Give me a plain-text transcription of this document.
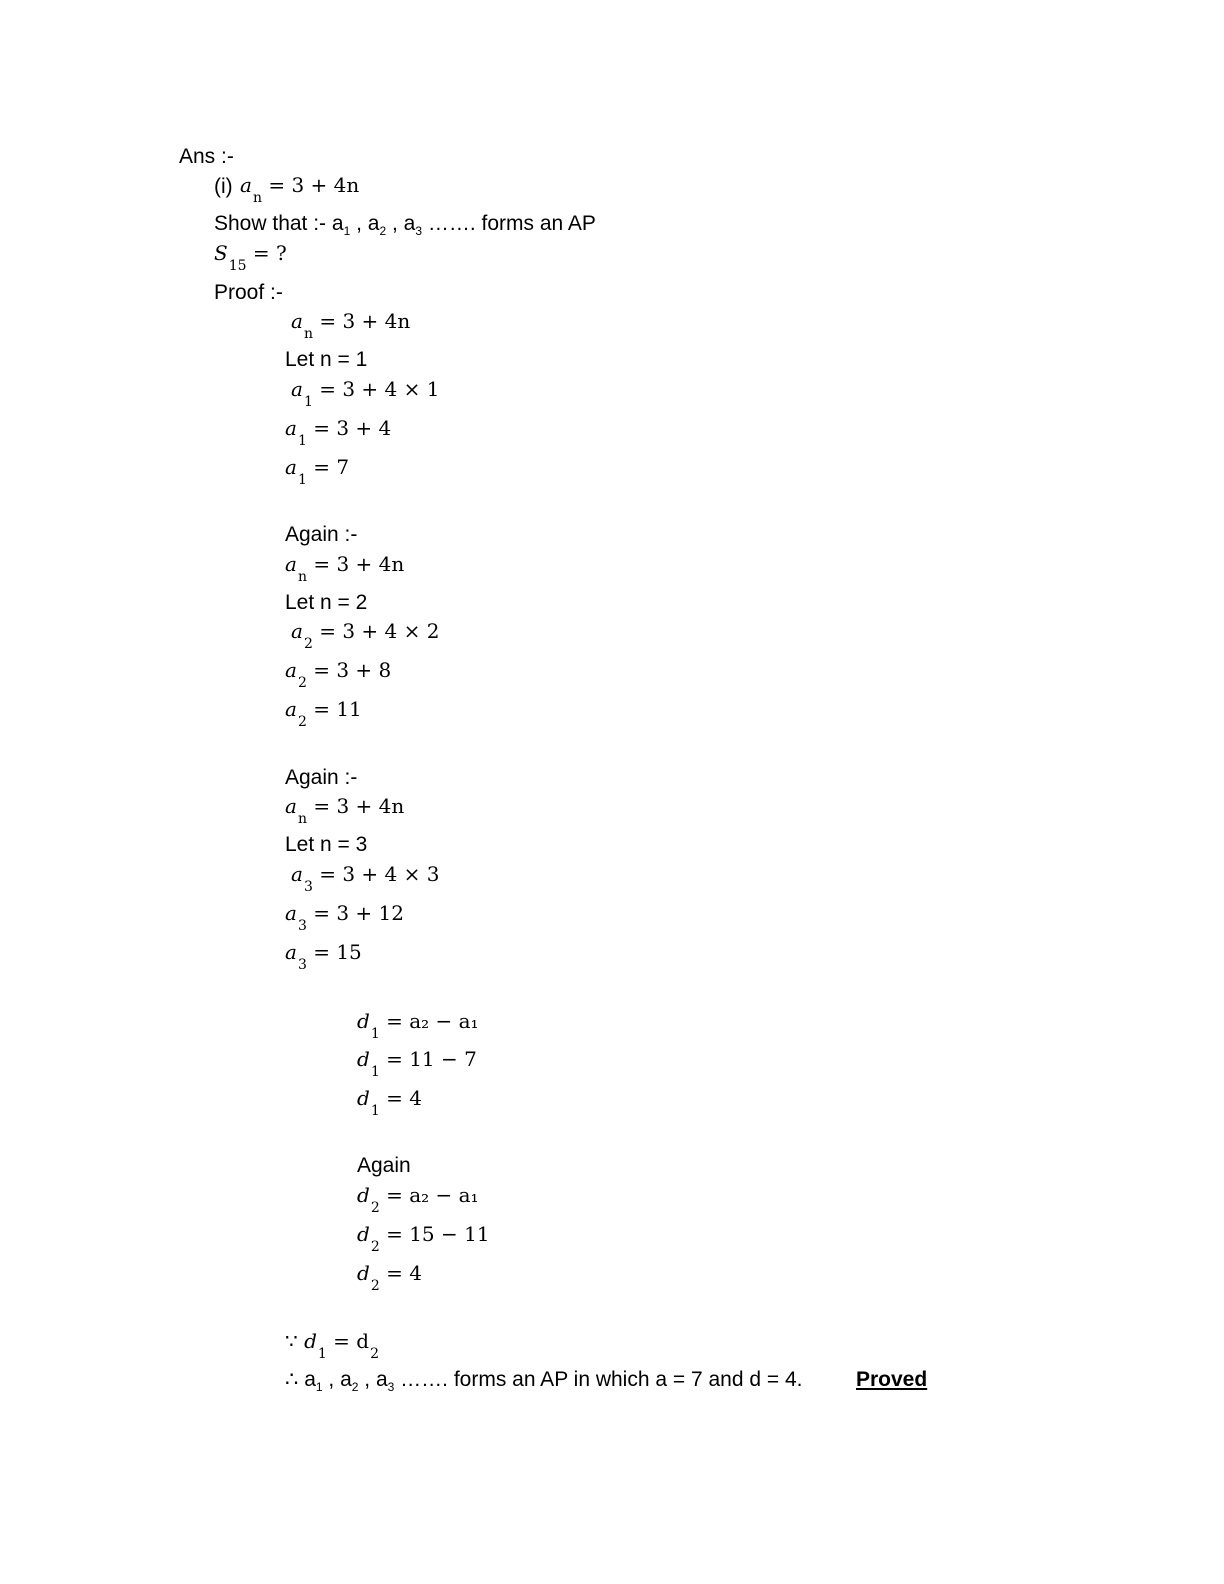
Ans :-
(i) $a_n = 3 + 4n$
Show that :- $a_1$ , $a_2$ , $a_3$ ……. forms an AP
$S_{15}$ = ?
Proof :-
$a_n = 3 + 4n$
Let n = 1
$a_1 = 3 + 4 \times 1$
$a_1 = 3 + 4$
$a_1 = 7$
Again :-
$a_n = 3 + 4n$
Let n = 2
$a_2 = 3 + 4 \times 2$
$a_2 = 3 + 8$
$a_2 = 11$
Again :-
$a_n = 3 + 4n$
Let n = 3
$a_3 = 3 + 4 \times 3$
$a_3 = 3 + 12$
$a_3 = 15$
$d_1 = a_2 - a_1$
$d_1 = 11 - 7$
$d_1 = 4$
Again
$d_2 = a_2 - a_1$
$d_2 = 15 - 11$
$d_2 = 4$
∵ $d_1 = d_2$
∴ $a_1$ , $a_2$ , $a_3$ ……. forms an AP in which a = 7 and d = 4.	Proved
